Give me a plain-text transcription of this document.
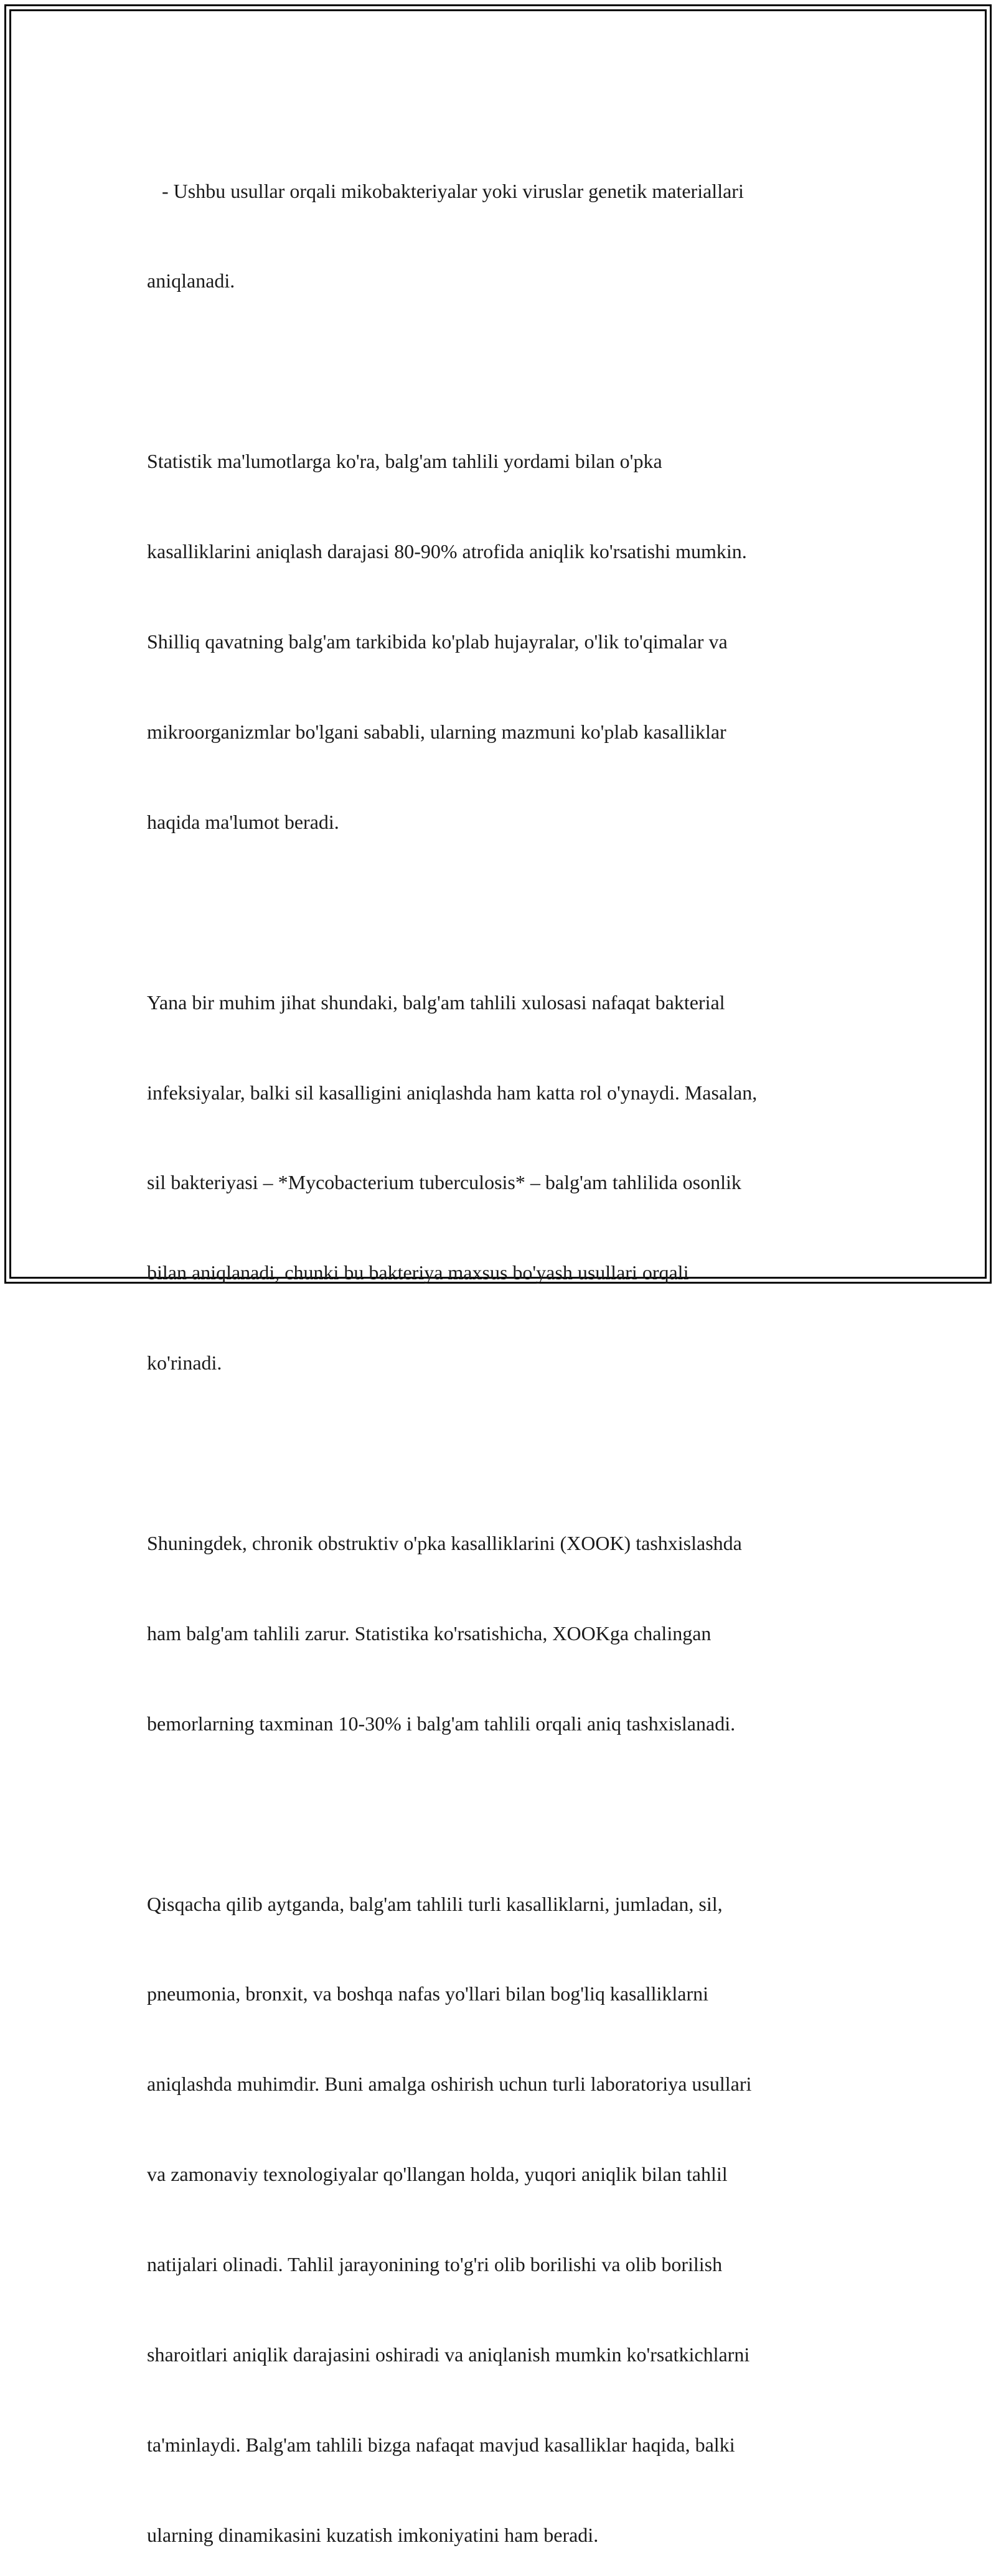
- Ushbu usullar orqali mikobakteriyalar yoki viruslar genetik materiallari

aniqlanadi.

Statistik ma'lumotlarga ko'ra, balg'am tahlili yordami bilan o'pka

kasalliklarini aniqlash darajasi 80-90% atrofida aniqlik ko'rsatishi mumkin.

Shilliq qavatning balg'am tarkibida ko'plab hujayralar, o'lik to'qimalar va

mikroorganizmlar bo'lgani sababli, ularning mazmuni ko'plab kasalliklar

haqida ma'lumot beradi.

Yana bir muhim jihat shundaki, balg'am tahlili xulosasi nafaqat bakterial

infeksiyalar, balki sil kasalligini aniqlashda ham katta rol o'ynaydi. Masalan,

sil bakteriyasi – *Mycobacterium tuberculosis* – balg'am tahlilida osonlik

bilan aniqlanadi, chunki bu bakteriya maxsus bo'yash usullari orqali

ko'rinadi.

Shuningdek, chronik obstruktiv o'pka kasalliklarini (XOOK) tashxislashda

ham balg'am tahlili zarur. Statistika ko'rsatishicha, XOOKga chalingan

bemorlarning taxminan 10-30% i balg'am tahlili orqali aniq tashxislanadi.

Qisqacha qilib aytganda, balg'am tahlili turli kasalliklarni, jumladan, sil,

pneumonia, bronxit, va boshqa nafas yo'llari bilan bog'liq kasalliklarni

aniqlashda muhimdir. Buni amalga oshirish uchun turli laboratoriya usullari

va zamonaviy texnologiyalar qo'llangan holda, yuqori aniqlik bilan tahlil

natijalari olinadi. Tahlil jarayonining to'g'ri olib borilishi va olib borilish

sharoitlari aniqlik darajasini oshiradi va aniqlanish mumkin ko'rsatkichlarni

ta'minlaydi. Balg'am tahlili bizga nafaqat mavjud kasalliklar haqida, balki

ularning dinamikasini kuzatish imkoniyatini ham beradi.
